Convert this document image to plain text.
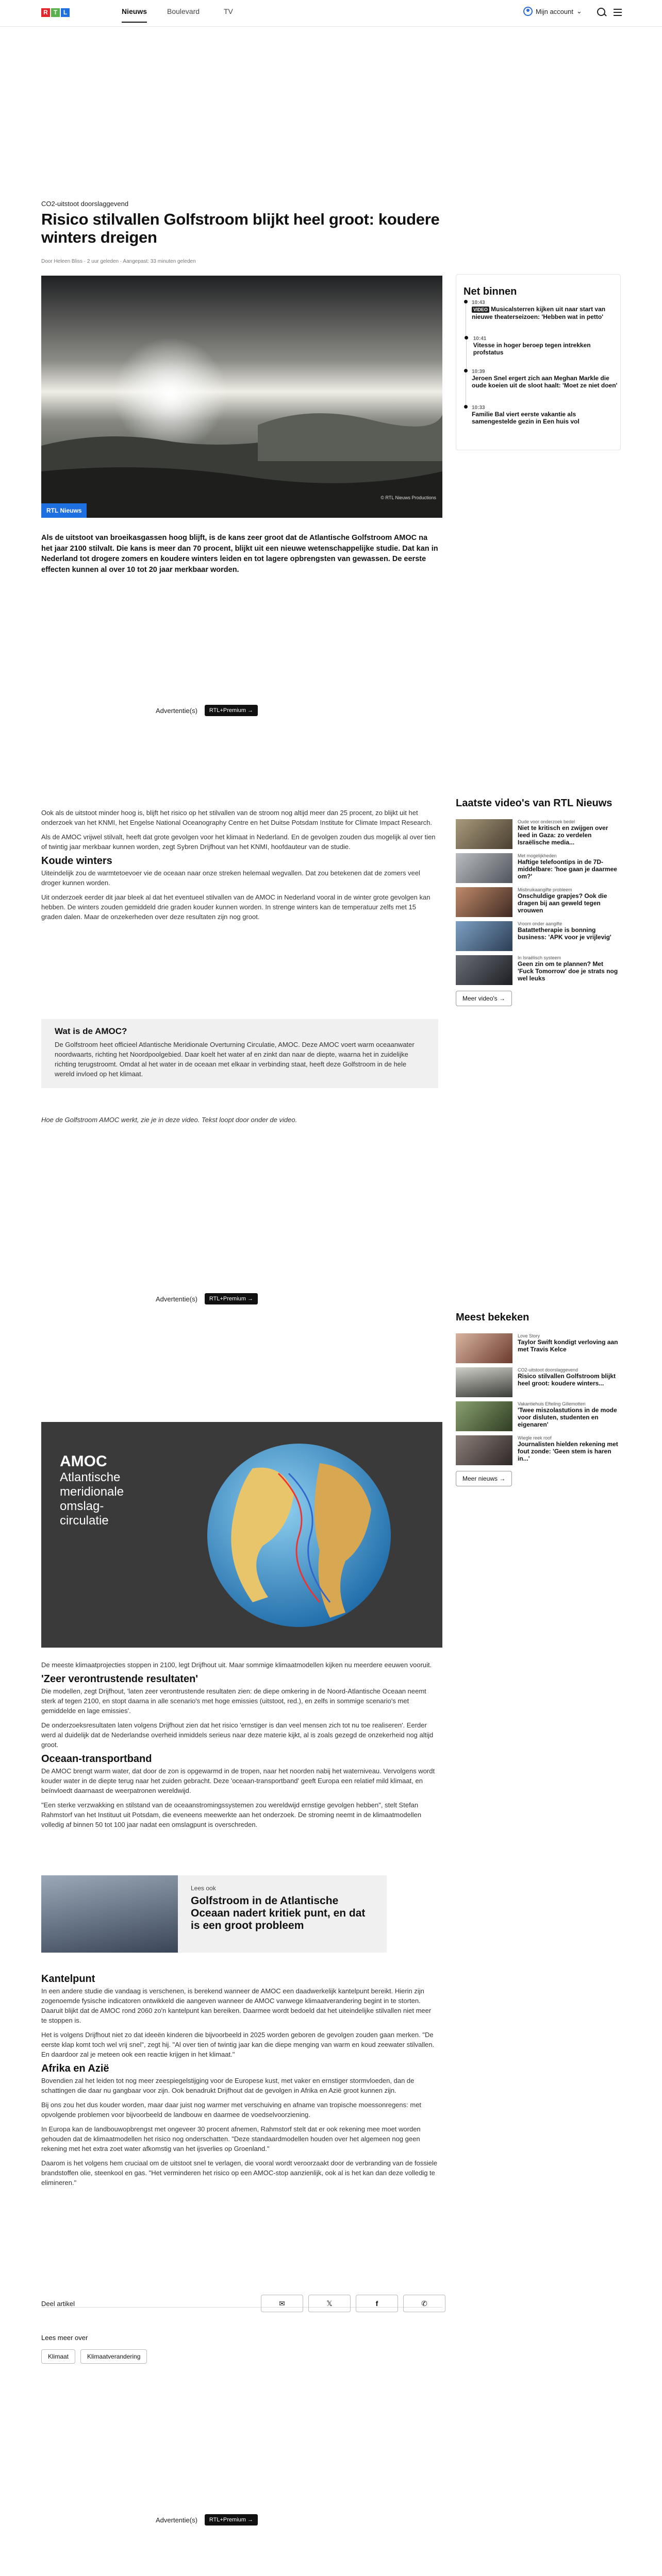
R T L	Nieuws	Boulevard	TV	Mijn account ⌄
CO2-uitstoot doorslaggevend
Risico stilvallen Golfstroom blijkt heel groot: koudere winters dreigen
Door Heleen Bliss · 2 uur geleden · Aangepast: 33 minuten geleden
© RTL Nieuws Productions
RTL Nieuws
Net binnen
10:43
VIDEO Musicalsterren kijken uit naar start van nieuwe theaterseizoen: 'Hebben wat in petto'
10:41
Vitesse in hoger beroep tegen intrekken profstatus
10:39
Jeroen Snel ergert zich aan Meghan Markle die oude koeien uit de sloot haalt: 'Moet ze niet doen'
10:33
Familie Bal viert eerste vakantie als samengestelde gezin in Een huis vol
Als de uitstoot van broeikasgassen hoog blijft, is de kans zeer groot dat de Atlantische Golfstroom AMOC na het jaar 2100 stilvalt. Die kans is meer dan 70 procent, blijkt uit een nieuwe wetenschappelijke studie. Dat kan in Nederland tot drogere zomers en koudere winters leiden en tot lagere opbrengsten van gewassen. De eerste effecten kunnen al over 10 tot 20 jaar merkbaar worden.
Advertentie(s)	RTL+Premium →

Ook als de uitstoot minder hoog is, blijft het risico op het stilvallen van de stroom nog altijd meer dan 25 procent, zo blijkt uit het onderzoek van het KNMI, het Engelse National Oceanography Centre en het Duitse Potsdam Institute for Climate Impact Research.

Als de AMOC vrijwel stilvalt, heeft dat grote gevolgen voor het klimaat in Nederland. En de gevolgen zouden dus mogelijk al over tien of twintig jaar merkbaar kunnen worden, zegt Sybren Drijfhout van het KNMI, hoofdauteur van de studie.

Koude winters

Uiteindelijk zou de warmtetoevoer vie de oceaan naar onze streken helemaal wegvallen. Dat zou betekenen dat de zomers veel droger kunnen worden.

Uit onderzoek eerder dit jaar bleek al dat het eventueel stilvallen van de AMOC in Nederland vooral in de winter grote gevolgen kan hebben. De winters zouden gemiddeld drie graden kouder kunnen worden. In strenge winters kan de temperatuur zelfs met 15 graden dalen. Maar de onzekerheden over deze resultaten zijn nog groot.

Wat is de AMOC?
De Golfstroom heet officieel Atlantische Meridionale Overturning Circulatie, AMOC. Deze AMOC voert warm oceaanwater noordwaarts, richting het Noordpoolgebied. Daar koelt het water af en zinkt dan naar de diepte, waarna het in zuidelijke richting terugstroomt. Omdat al het water in de oceaan met elkaar in verbinding staat, heeft deze Golfstroom in de hele wereld invloed op het klimaat.
Hoe de Golfstroom AMOC werkt, zie je in deze video. Tekst loopt door onder de video.
Laatste video's van RTL Nieuws
Oude voor onderzoek bedel
Niet te kritisch en zwijgen over leed in Gaza: zo verdelen Israëlische media...
Met mogelijkheden
Haftige telefoontips in de 7D-middelbare: 'hoe gaan je daarmee om?'
Misbruikaangifte probleem
Onschuldige grapjes? Ook die dragen bij aan geweld tegen vrouwen
Vroom onder aangifte
Batattetherapie is bonning business: 'APK voor je vrijlevig'
In Israëlisch systeem
Geen zin om te plannen? Met 'Fuck Tomorrow' doe je strats nog wel leuks
Meer video's →
Advertentie(s)	RTL+Premium →
Meest bekeken
Love Story
Taylor Swift kondigt verloving aan met Travis Kelce
CO2-uitstoot doorslaggevend
Risico stilvallen Golfstroom blijkt heel groot: koudere winters...
Vakantiehuis Efteling Gillemotteri
'Twee miszolastutions in de mode voor disluten, studenten en eigenaren'
Wiegle reek roof
Journalisten hielden rekening met fout zonde: 'Geen stem is haren in...'
Meer nieuws →
AMOC
Atlantische
meridionale
omslag-
circulatie

De meeste klimaatprojecties stoppen in 2100, legt Drijfhout uit. Maar sommige klimaatmodellen kijken nu meerdere eeuwen vooruit.

'Zeer verontrustende resultaten'

Die modellen, zegt Drijfhout, 'laten zeer verontrustende resultaten zien: de diepe omkering in de Noord-Atlantische Oceaan neemt sterk af tegen 2100, en stopt daarna in alle scenario's met hoge emissies (uitstoot, red.), en zelfs in sommige scenario's met gemiddelde en lage emissies'.

De onderzoeksresultaten laten volgens Drijfhout zien dat het risico 'ernstiger is dan veel mensen zich tot nu toe realiseren'. Eerder werd al duidelijk dat de Nederlandse overheid inmiddels serieus naar deze materie kijkt, al is zoals gezegd de onzekerheid nog altijd groot.

Oceaan-transportband

De AMOC brengt warm water, dat door de zon is opgewarmd in de tropen, naar het noorden nabij het waterniveau. Vervolgens wordt kouder water in de diepte terug naar het zuiden gebracht. Deze 'oceaan-transportband' geeft Europa een relatief mild klimaat, en beïnvloedt daarnaast de weerpatronen wereldwijd.

"Een sterke verzwakking en stilstand van de oceaanstromingssystemen zou wereldwijd ernstige gevolgen hebben", stelt Stefan Rahmstorf van het Instituut uit Potsdam, die eveneens meewerkte aan het onderzoek. De stroming neemt in de klimaatmodellen volledig af binnen 50 tot 100 jaar nadat een omslagpunt is overschreden.

Lees ook
Golfstroom in de Atlantische Oceaan nadert kritiek punt, en dat is een groot probleem
Kantelpunt

In een andere studie die vandaag is verschenen, is berekend wanneer de AMOC een daadwerkelijk kantelpunt bereikt. Hierin zijn zogenoemde fysische indicatoren ontwikkeld die aangeven wanneer de AMOC vanwege klimaatverandering begint in te storten. Daaruit blijkt dat de AMOC rond 2060 zo'n kantelpunt kan bereiken. Daarmee wordt bedoeld dat het uiteindelijke stilvallen niet meer te stoppen is.

Het is volgens Drijfhout niet zo dat ideeën kinderen die bijvoorbeeld in 2025 worden geboren de gevolgen zouden gaan merken. "De eerste klap komt toch wel vrij snel", zegt hij. "Al over tien of twintig jaar kan die diepe menging van warm en koud zeewater stilvallen. En daardoor zal je meteen ook een reactie krijgen in het klimaat."

Afrika en Azië

Bovendien zal het leiden tot nog meer zeespiegelstijging voor de Europese kust, met vaker en ernstiger stormvloeden, dan de schattingen die daar nu gangbaar voor zijn. Ook benadrukt Drijfhout dat de gevolgen in Afrika en Azië groot kunnen zijn.

Bij ons zou het dus kouder worden, maar daar juist nog warmer met verschuiving en afname van tropische moessonregens: met opvolgende problemen voor bijvoorbeeld de landbouw en daarmee de voedselvoorziening.

In Europa kan de landbouwopbrengst met ongeveer 30 procent afnemen, Rahmstorf stelt dat er ook rekening mee moet worden gehouden dat de klimaatmodellen het risico nog onderschatten. "Deze standaardmodellen houden over het algemeen nog geen rekening met het extra zoet water afkomstig van het ijsverlies op Groenland."

Daarom is het volgens hem cruciaal om de uitstoot snel te verlagen, die vooral wordt veroorzaakt door de verbranding van de fossiele brandstoffen olie, steenkool en gas. "Het verminderen het risico op een AMOC-stop aanzienlijk, ook al is het kan dan deze volledig te elimineren."

Deel artikel	✉	𝕏	f	✆
Lees meer over
Klimaat	Klimaatverandering
Advertentie(s)	RTL+Premium →
